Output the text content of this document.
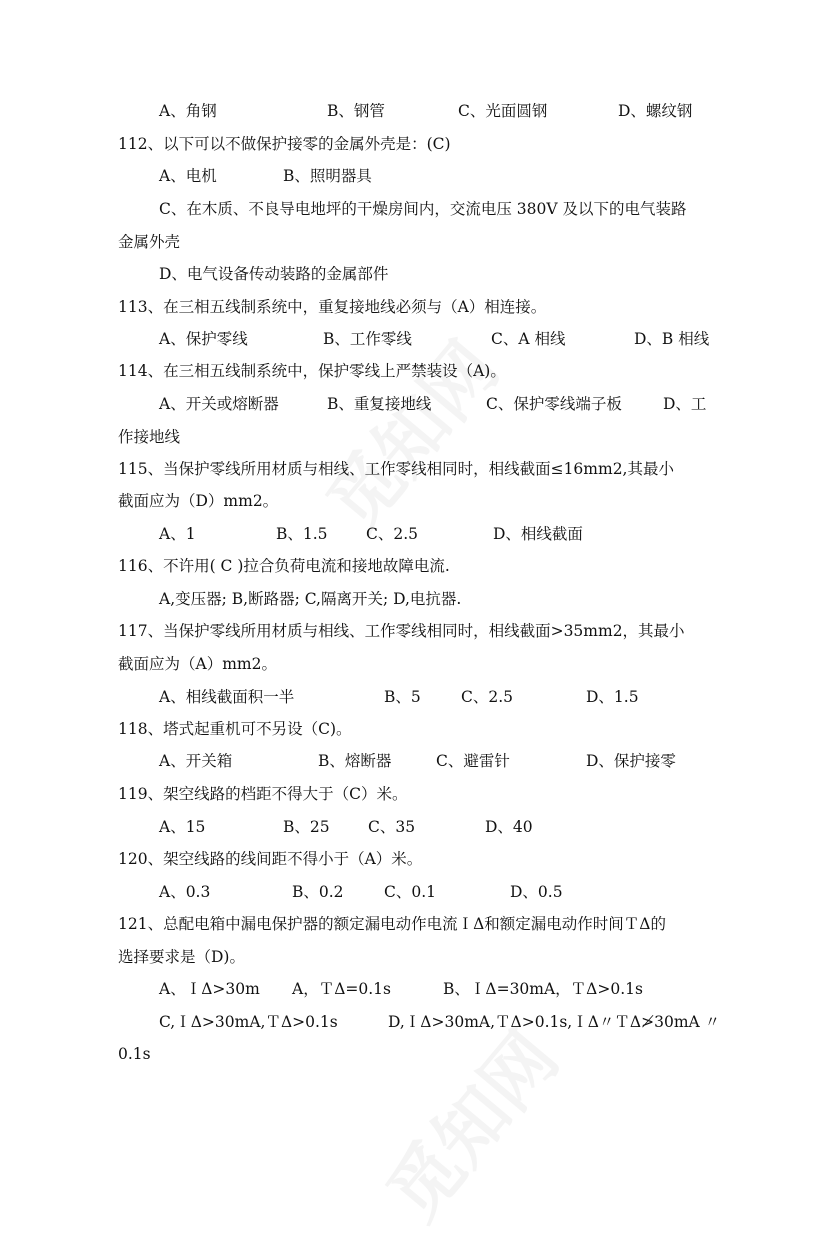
A、角钢	B、钢管	C、光面圆钢	D、螺纹钢
112、以下可以不做保护接零的金属外壳是：(C)
A、电机	B、照明器具
C、在木质、不良导电地坪的干燥房间内，交流电压 380V 及以下的电气装路
金属外壳
D、电气设备传动装路的金属部件
113、在三相五线制系统中，重复接地线必须与（A）相连接。
A、保护零线	B、工作零线	C、A 相线	D、B 相线
114、在三相五线制系统中，保护零线上严禁装设（A)。
A、开关或熔断器	B、重复接地线	C、保护零线端子板	D、工
作接地线
115、当保护零线所用材质与相线、工作零线相同时，相线截面≤16mm2,其最小
截面应为（D）mm2。
A、1	B、1.5 C、2.5	D、相线截面
116、不许用( C )拉合负荷电流和接地故障电流.
A,变压器; B,断路器; C,隔离开关; D,电抗器.
117、当保护零线所用材质与相线、工作零线相同时，相线截面>35mm2，其最小
截面应为（A）mm2。
A、相线截面积一半	B、5	C、2.5	D、1.5
118、塔式起重机可不另设（C)。
A、开关箱	B、熔断器	C、避雷针	D、保护接零
119、架空线路的档距不得大于（C）米。
A、15	B、25 C、35	D、40
120、架空线路的线间距不得小于（A）米。
A、0.3	B、0.2	C、0.1	D、0.5
121、总配电箱中漏电保护器的额定漏电动作电流ＩΔ和额定漏电动作时间ＴΔ的
选择要求是（D)。
A、ＩΔ>30m A，ＴΔ=0.1s	B、ＩΔ=30mA，ＴΔ>0.1s
C,ＩΔ>30mA,ＴΔ>0.1s	D,ＩΔ>30mA,ＴΔ>0.1s,ＩΔ〃ＴΔ≯30mA 〃
0.1s
